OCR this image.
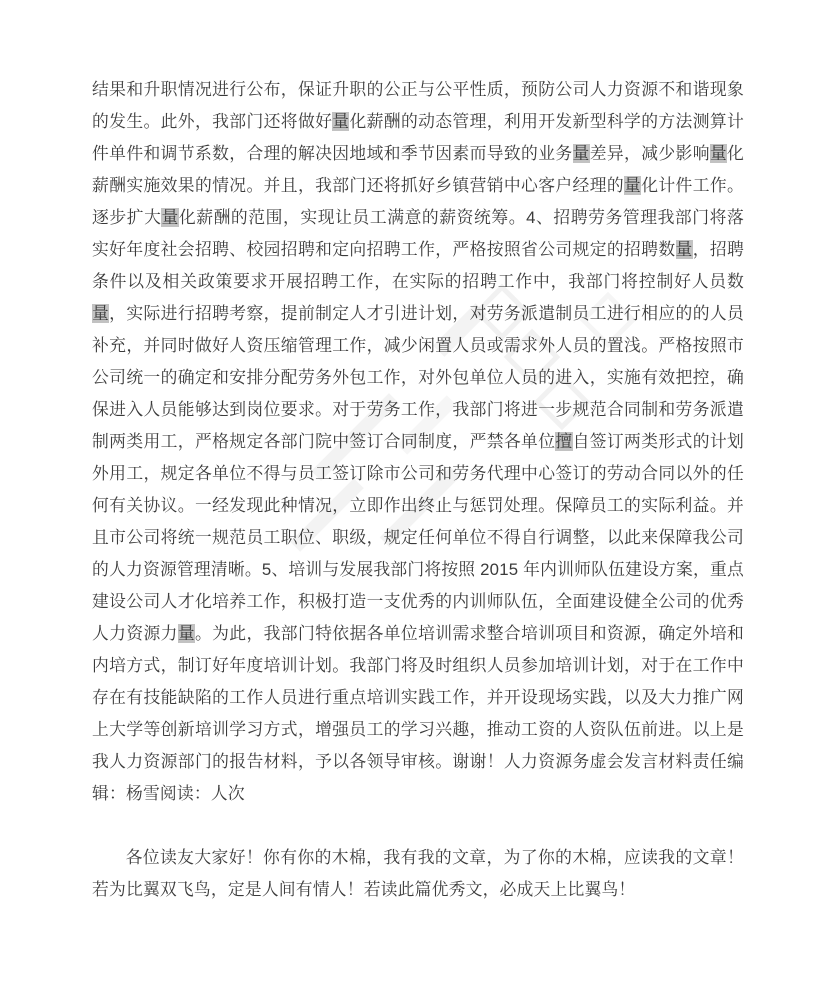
结果和升职情况进行公布，保证升职的公正与公平性质，预防公司人力资源不和谐现象的发生。此外，我部门还将做好量化薪酬的动态管理，利用开发新型科学的方法测算计件单件和调节系数，合理的解决因地域和季节因素而导致的业务量差异，减少影响量化薪酬实施效果的情况。并且，我部门还将抓好乡镇营销中心客户经理的量化计件工作。逐步扩大量化薪酬的范围，实现让员工满意的薪资统筹。4、招聘劳务管理我部门将落实好年度社会招聘、校园招聘和定向招聘工作，严格按照省公司规定的招聘数量，招聘条件以及相关政策要求开展招聘工作，在实际的招聘工作中，我部门将控制好人员数量，实际进行招聘考察，提前制定人才引进计划，对劳务派遣制员工进行相应的的人员补充，并同时做好人资压缩管理工作，减少闲置人员或需求外人员的置浅。严格按照市公司统一的确定和安排分配劳务外包工作，对外包单位人员的进入，实施有效把控，确保进入人员能够达到岗位要求。对于劳务工作，我部门将进一步规范合同制和劳务派遣制两类用工，严格规定各部门院中签订合同制度，严禁各单位擅自签订两类形式的计划外用工，规定各单位不得与员工签订除市公司和劳务代理中心签订的劳动合同以外的任何有关协议。一经发现此种情况，立即作出终止与惩罚处理。保障员工的实际利益。并且市公司将统一规范员工职位、职级，规定任何单位不得自行调整，以此来保障我公司的人力资源管理清晰。5、培训与发展我部门将按照 2015 年内训师队伍建设方案，重点建设公司人才化培养工作，积极打造一支优秀的内训师队伍，全面建设健全公司的优秀人力资源力量。为此，我部门特依据各单位培训需求整合培训项目和资源，确定外培和内培方式，制订好年度培训计划。我部门将及时组织人员参加培训计划，对于在工作中存在有技能缺陷的工作人员进行重点培训实践工作，并开设现场实践，以及大力推广网上大学等创新培训学习方式，增强员工的学习兴趣，推动工资的人资队伍前进。以上是我人力资源部门的报告材料，予以各领导审核。谢谢！人力资源务虚会发言材料责任编辑：杨雪阅读：人次

各位读友大家好！你有你的木棉，我有我的文章，为了你的木棉，应读我的文章！若为比翼双飞鸟，定是人间有情人！若读此篇优秀文，必成天上比翼鸟！
